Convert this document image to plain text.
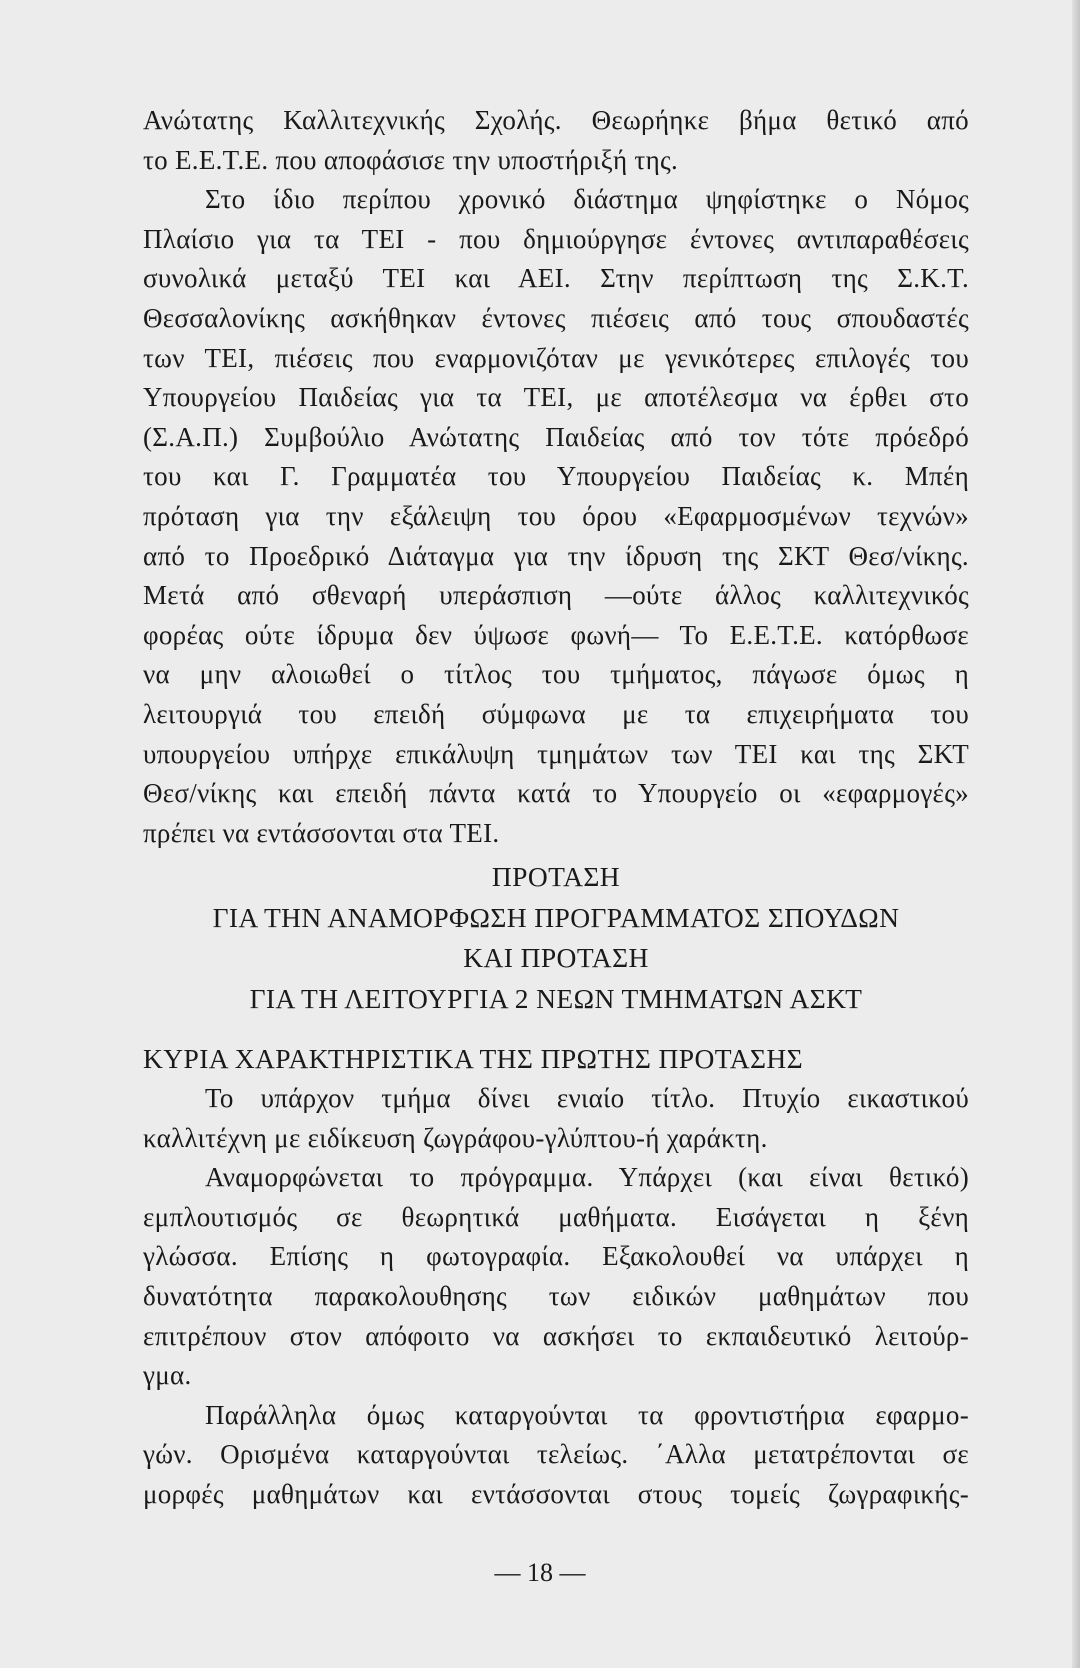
Ανώτατης Καλλιτεχνικής Σχολής. Θεωρήηκε βήμα θετικό από
το Ε.Ε.Τ.Ε. που αποφάσισε την υποστήριξή της.
Στο ίδιο περίπου χρονικό διάστημα ψηφίστηκε ο Νόμος
Πλαίσιο για τα ΤΕΙ - που δημιούργησε έντονες αντιπαραθέσεις
συνολικά μεταξύ ΤΕΙ και ΑΕΙ. Στην περίπτωση της Σ.Κ.Τ.
Θεσσαλονίκης ασκήθηκαν έντονες πιέσεις από τους σπουδαστές
των ΤΕΙ, πιέσεις που εναρμονιζόταν με γενικότερες επιλογές του
Υπουργείου Παιδείας για τα ΤΕΙ, με αποτέλεσμα να έρθει στο
(Σ.Α.Π.) Συμβούλιο Ανώτατης Παιδείας από τον τότε πρόεδρό
του και Γ. Γραμματέα του Υπουργείου Παιδείας κ. Μπέη
πρόταση για την εξάλειψη του όρου «Εφαρμοσμένων τεχνών»
από το Προεδρικό Διάταγμα για την ίδρυση της ΣΚΤ Θεσ/νίκης.
Μετά από σθεναρή υπεράσπιση —ούτε άλλος καλλιτεχνικός
φορέας ούτε ίδρυμα δεν ύψωσε φωνή— Το Ε.Ε.Τ.Ε. κατόρθωσε
να μην αλοιωθεί ο τίτλος του τμήματος, πάγωσε όμως η
λειτουργιά του επειδή σύμφωνα με τα επιχειρήματα του
υπουργείου υπήρχε επικάλυψη τμημάτων των ΤΕΙ και της ΣΚΤ
Θεσ/νίκης και επειδή πάντα κατά το Υπουργείο οι «εφαρμογές»
πρέπει να εντάσσονται στα ΤΕΙ.
ΠΡΟΤΑΣΗ
ΓΙΑ ΤΗΝ ΑΝΑΜΟΡΦΩΣΗ ΠΡΟΓΡΑΜΜΑΤΟΣ ΣΠΟΥΔΩΝ
ΚΑΙ ΠΡΟΤΑΣΗ
ΓΙΑ ΤΗ ΛΕΙΤΟΥΡΓΙΑ 2 ΝΕΩΝ ΤΜΗΜΑΤΩΝ ΑΣΚΤ
ΚΥΡΙΑ ΧΑΡΑΚΤΗΡΙΣΤΙΚΑ ΤΗΣ ΠΡΩΤΗΣ ΠΡΟΤΑΣΗΣ
Το υπάρχον τμήμα δίνει ενιαίο τίτλο. Πτυχίο εικαστικού
καλλιτέχνη με ειδίκευση ζωγράφου-γλύπτου-ή χαράκτη.
Αναμορφώνεται το πρόγραμμα. Υπάρχει (και είναι θετικό)
εμπλουτισμός σε θεωρητικά μαθήματα. Εισάγεται η ξένη
γλώσσα. Επίσης η φωτογραφία. Εξακολουθεί να υπάρχει η
δυνατότητα παρακολουθησης των ειδικών μαθημάτων που
επιτρέπουν στον απόφοιτο να ασκήσει το εκπαιδευτικό λειτούρ-
γμα.
Παράλληλα όμως καταργούνται τα φροντιστήρια εφαρμο-
γών. Ορισμένα καταργούνται τελείως. ΄Αλλα μετατρέπονται σε
μορφές μαθημάτων και εντάσσονται στους τομείς ζωγραφικής-
— 18 —
